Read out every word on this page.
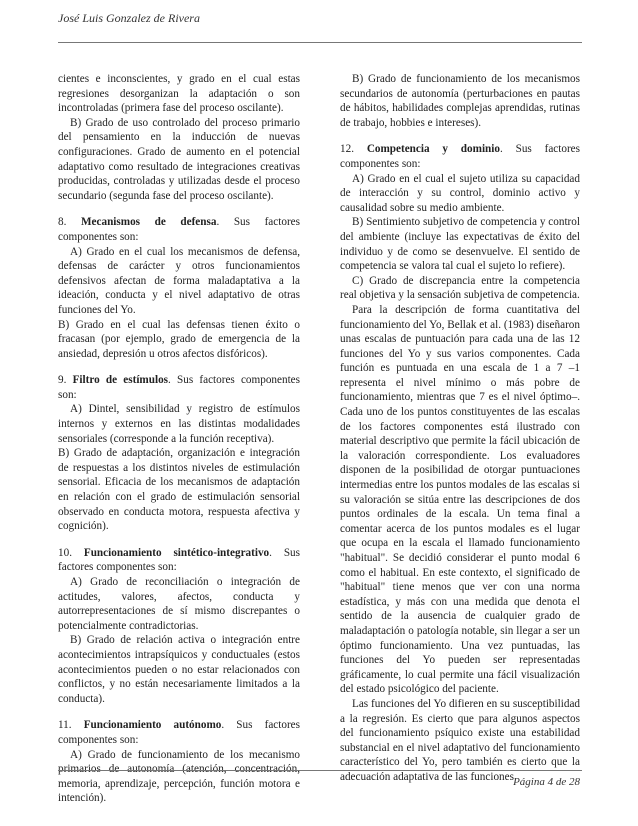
José Luis Gonzalez de Rivera

cientes e inconscientes, y grado en el cual estas regresiones desorganizan la adaptación o son incontroladas (primera fase del proceso oscilante).

B) Grado de uso controlado del proceso primario del pensamiento en la inducción de nuevas configuraciones. Grado de aumento en el potencial adaptativo como resultado de integraciones creativas producidas, controladas y utilizadas desde el proceso secundario (segunda fase del proceso oscilante).

8. Mecanismos de defensa. Sus factores componentes son:

A) Grado en el cual los mecanismos de defensa, defensas de carácter y otros funcionamientos defensivos afectan de forma maladaptativa a la ideación, conducta y el nivel adaptativo de otras funciones del Yo.

B) Grado en el cual las defensas tienen éxito o fracasan (por ejemplo, grado de emergencia de la ansiedad, depresión u otros afectos disfóricos).

9. Filtro de estímulos. Sus factores componentes son:

A) Dintel, sensibilidad y registro de estímulos internos y externos en las distintas modalidades sensoriales (corresponde a la función receptiva).

B) Grado de adaptación, organización e integración de respuestas a los distintos niveles de estimulación sensorial. Eficacia de los mecanismos de adaptación en relación con el grado de estimulación sensorial observado en conducta motora, respuesta afectiva y cognición).

10. Funcionamiento sintético-integrativo. Sus factores componentes son:

A) Grado de reconciliación o integración de actitudes, valores, afectos, conducta y autorrepresentaciones de sí mismo discrepantes o potencialmente contradictorias.

B) Grado de relación activa o integración entre acontecimientos intrapsíquicos y conductuales (estos acontecimientos pueden o no estar relacionados con conflictos, y no están necesariamente limitados a la conducta).

11. Funcionamiento autónomo. Sus factores componentes son:

A) Grado de funcionamiento de los mecanismo primarios de autonomía (atención, concentración, memoria, aprendizaje, percepción, función motora e intención).

B) Grado de funcionamiento de los mecanismos secundarios de autonomía (perturbaciones en pautas de hábitos, habilidades complejas aprendidas, rutinas de trabajo, hobbies e intereses).

12. Competencia y dominio. Sus factores componentes son:

A) Grado en el cual el sujeto utiliza su capacidad de interacción y su control, dominio activo y causalidad sobre su medio ambiente.

B) Sentimiento subjetivo de competencia y control del ambiente (incluye las expectativas de éxito del individuo y de como se desenvuelve. El sentido de competencia se valora tal cual el sujeto lo refiere).

C) Grado de discrepancia entre la competencia real objetiva y la sensación subjetiva de competencia.

Para la descripción de forma cuantitativa del funcionamiento del Yo, Bellak et al. (1983) diseñaron unas escalas de puntuación para cada una de las 12 funciones del Yo y sus varios componentes. Cada función es puntuada en una escala de 1 a 7 –1 representa el nivel mínimo o más pobre de funcionamiento, mientras que 7 es el nivel óptimo–. Cada uno de los puntos constituyentes de las escalas de los factores componentes está ilustrado con material descriptivo que permite la fácil ubicación de la valoración correspondiente. Los evaluadores disponen de la posibilidad de otorgar puntuaciones intermedias entre los puntos modales de las escalas si su valoración se sitúa entre las descripciones de dos puntos ordinales de la escala. Un tema final a comentar acerca de los puntos modales es el lugar que ocupa en la escala el llamado funcionamiento "habitual". Se decidió considerar el punto modal 6 como el habitual. En este contexto, el significado de "habitual" tiene menos que ver con una norma estadística, y más con una medida que denota el sentido de la ausencia de cualquier grado de maladaptación o patología notable, sin llegar a ser un óptimo funcionamiento. Una vez puntuadas, las funciones del Yo pueden ser representadas gráficamente, lo cual permite una fácil visualización del estado psicológico del paciente.

Las funciones del Yo difieren en su susceptibilidad a la regresión. Es cierto que para algunos aspectos del funcionamiento psíquico existe una estabilidad substancial en el nivel adaptativo del funcionamiento característico del Yo, pero también es cierto que la adecuación adaptativa de las funciones Página 4 de 28
